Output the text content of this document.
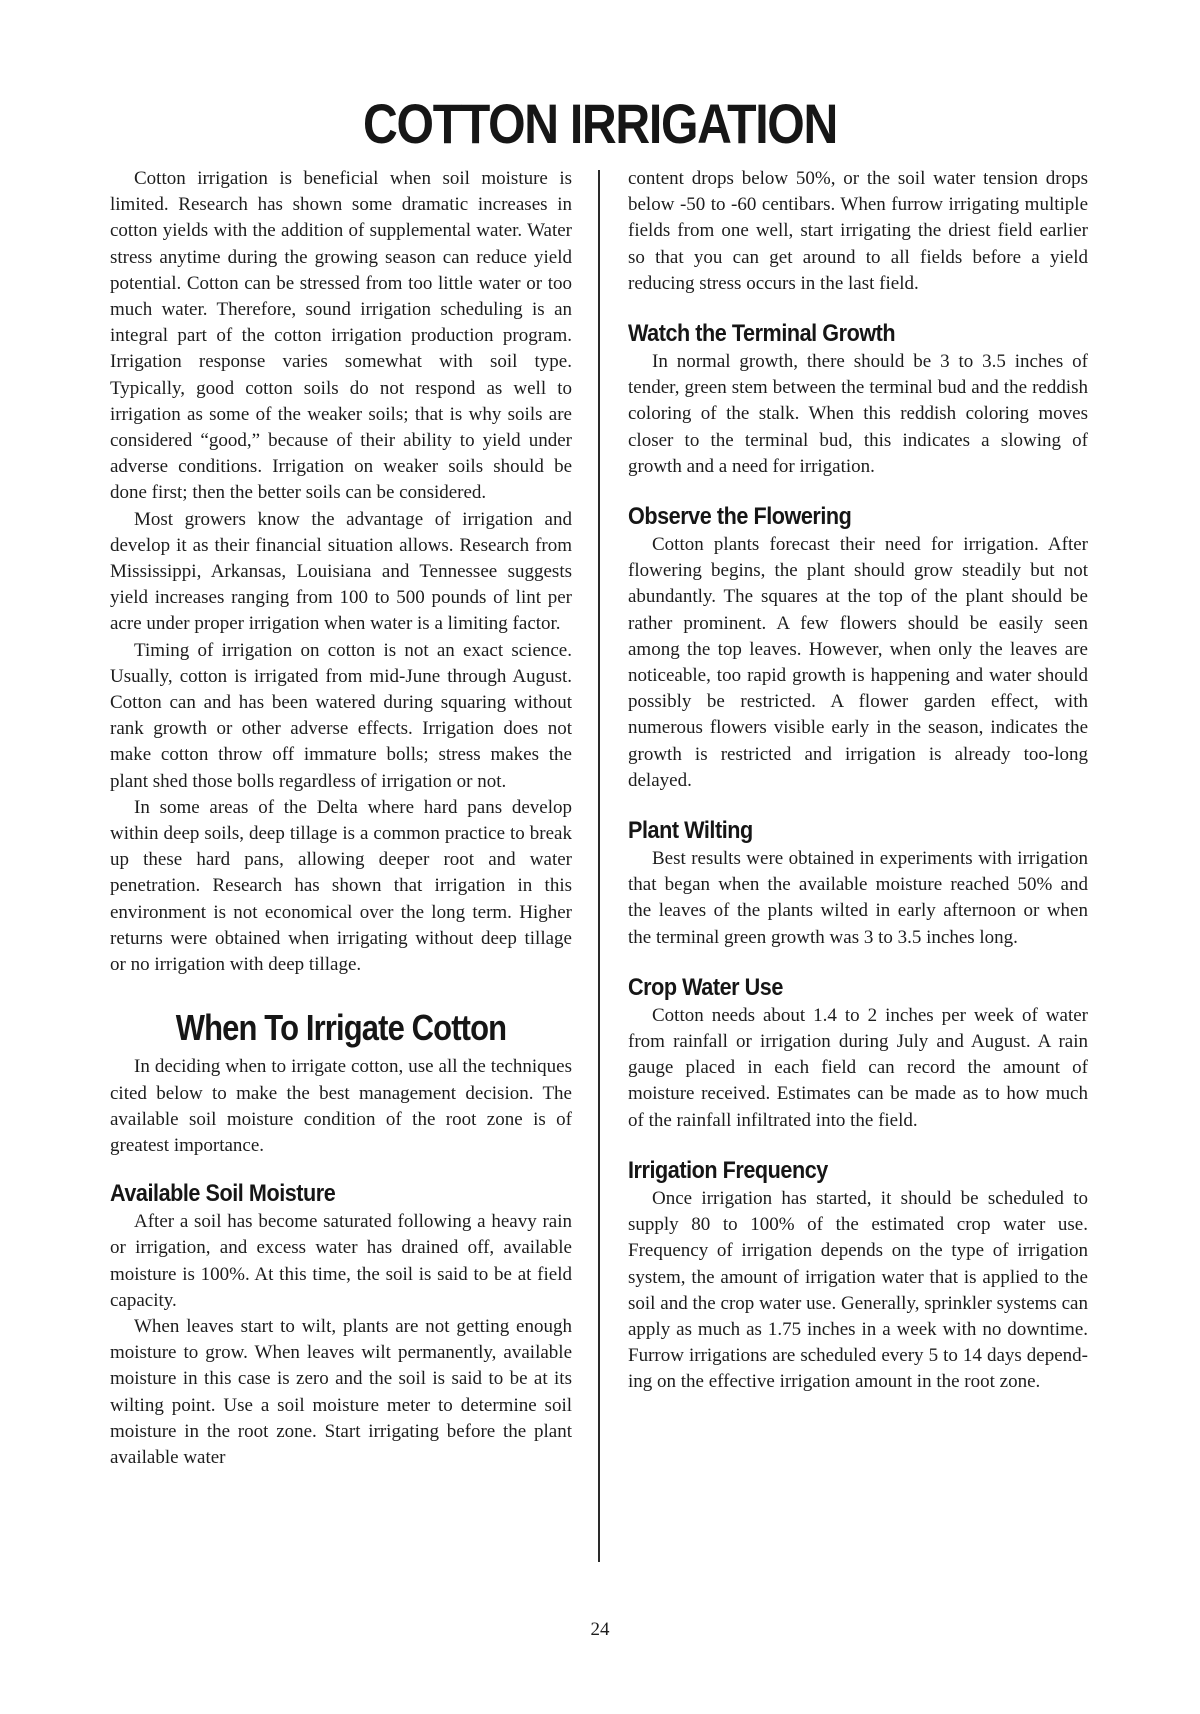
COTTON IRRIGATION

Cotton irrigation is beneficial when soil moisture is limited. Research has shown some dramatic increases in cotton yields with the addition of supplemental water. Water stress anytime during the growing season can reduce yield potential. Cotton can be stressed from too little water or too much water. Therefore, sound irrigation scheduling is an integral part of the cotton irrigation production program. Irrigation response varies somewhat with soil type. Typically, good cotton soils do not respond as well to irrigation as some of the weaker soils; that is why soils are considered “good,” because of their ability to yield under adverse conditions. Irrigation on weaker soils should be done first; then the better soils can be considered.

Most growers know the advantage of irrigation and develop it as their financial situation allows. Research from Mississippi, Arkansas, Louisiana and Tennessee suggests yield increases ranging from 100 to 500 pounds of lint per acre under proper irrigation when water is a limiting factor.

Timing of irrigation on cotton is not an exact science. Usually, cotton is irrigated from mid-June through August. Cotton can and has been watered during squaring without rank growth or other adverse effects. Irrigation does not make cotton throw off immature bolls; stress makes the plant shed those bolls regardless of irrigation or not.

In some areas of the Delta where hard pans develop within deep soils, deep tillage is a common practice to break up these hard pans, allowing deeper root and water penetration. Research has shown that irrigation in this environment is not economical over the long term. Higher returns were obtained when irrigating without deep tillage or no irrigation with deep tillage.

When To Irrigate Cotton

In deciding when to irrigate cotton, use all the techniques cited below to make the best management decision. The available soil moisture condition of the root zone is of greatest importance.

Available Soil Moisture

After a soil has become saturated following a heavy rain or irrigation, and excess water has drained off, available moisture is 100%. At this time, the soil is said to be at field capacity.

When leaves start to wilt, plants are not getting enough moisture to grow. When leaves wilt permanently, available moisture in this case is zero and the soil is said to be at its wilting point. Use a soil moisture meter to determine soil moisture in the root zone. Start irrigating before the plant available water

content drops below 50%, or the soil water tension drops below -50 to -60 centibars. When furrow irrigating multiple fields from one well, start irrigating the driest field earlier so that you can get around to all fields before a yield reducing stress occurs in the last field.

Watch the Terminal Growth

In normal growth, there should be 3 to 3.5 inches of tender, green stem between the terminal bud and the reddish coloring of the stalk. When this reddish coloring moves closer to the terminal bud, this indicates a slowing of growth and a need for irrigation.

Observe the Flowering

Cotton plants forecast their need for irrigation. After flowering begins, the plant should grow steadily but not abundantly. The squares at the top of the plant should be rather prominent. A few flowers should be easily seen among the top leaves. However, when only the leaves are noticeable, too rapid growth is happening and water should possibly be restricted. A flower garden effect, with numerous flowers visible early in the season, indicates the growth is restricted and irrigation is already too-long delayed.

Plant Wilting

Best results were obtained in experiments with irrigation that began when the available moisture reached 50% and the leaves of the plants wilted in early afternoon or when the terminal green growth was 3 to 3.5 inches long.

Crop Water Use

Cotton needs about 1.4 to 2 inches per week of water from rainfall or irrigation during July and August. A rain gauge placed in each field can record the amount of moisture received. Estimates can be made as to how much of the rainfall infiltrated into the field.

Irrigation Frequency

Once irrigation has started, it should be scheduled to supply 80 to 100% of the estimated crop water use. Frequency of irrigation depends on the type of irrigation system, the amount of irrigation water that is applied to the soil and the crop water use. Generally, sprinkler systems can apply as much as 1.75 inches in a week with no downtime. Furrow irrigations are scheduled every 5 to 14 days depending on the effective irrigation amount in the root zone.

24
